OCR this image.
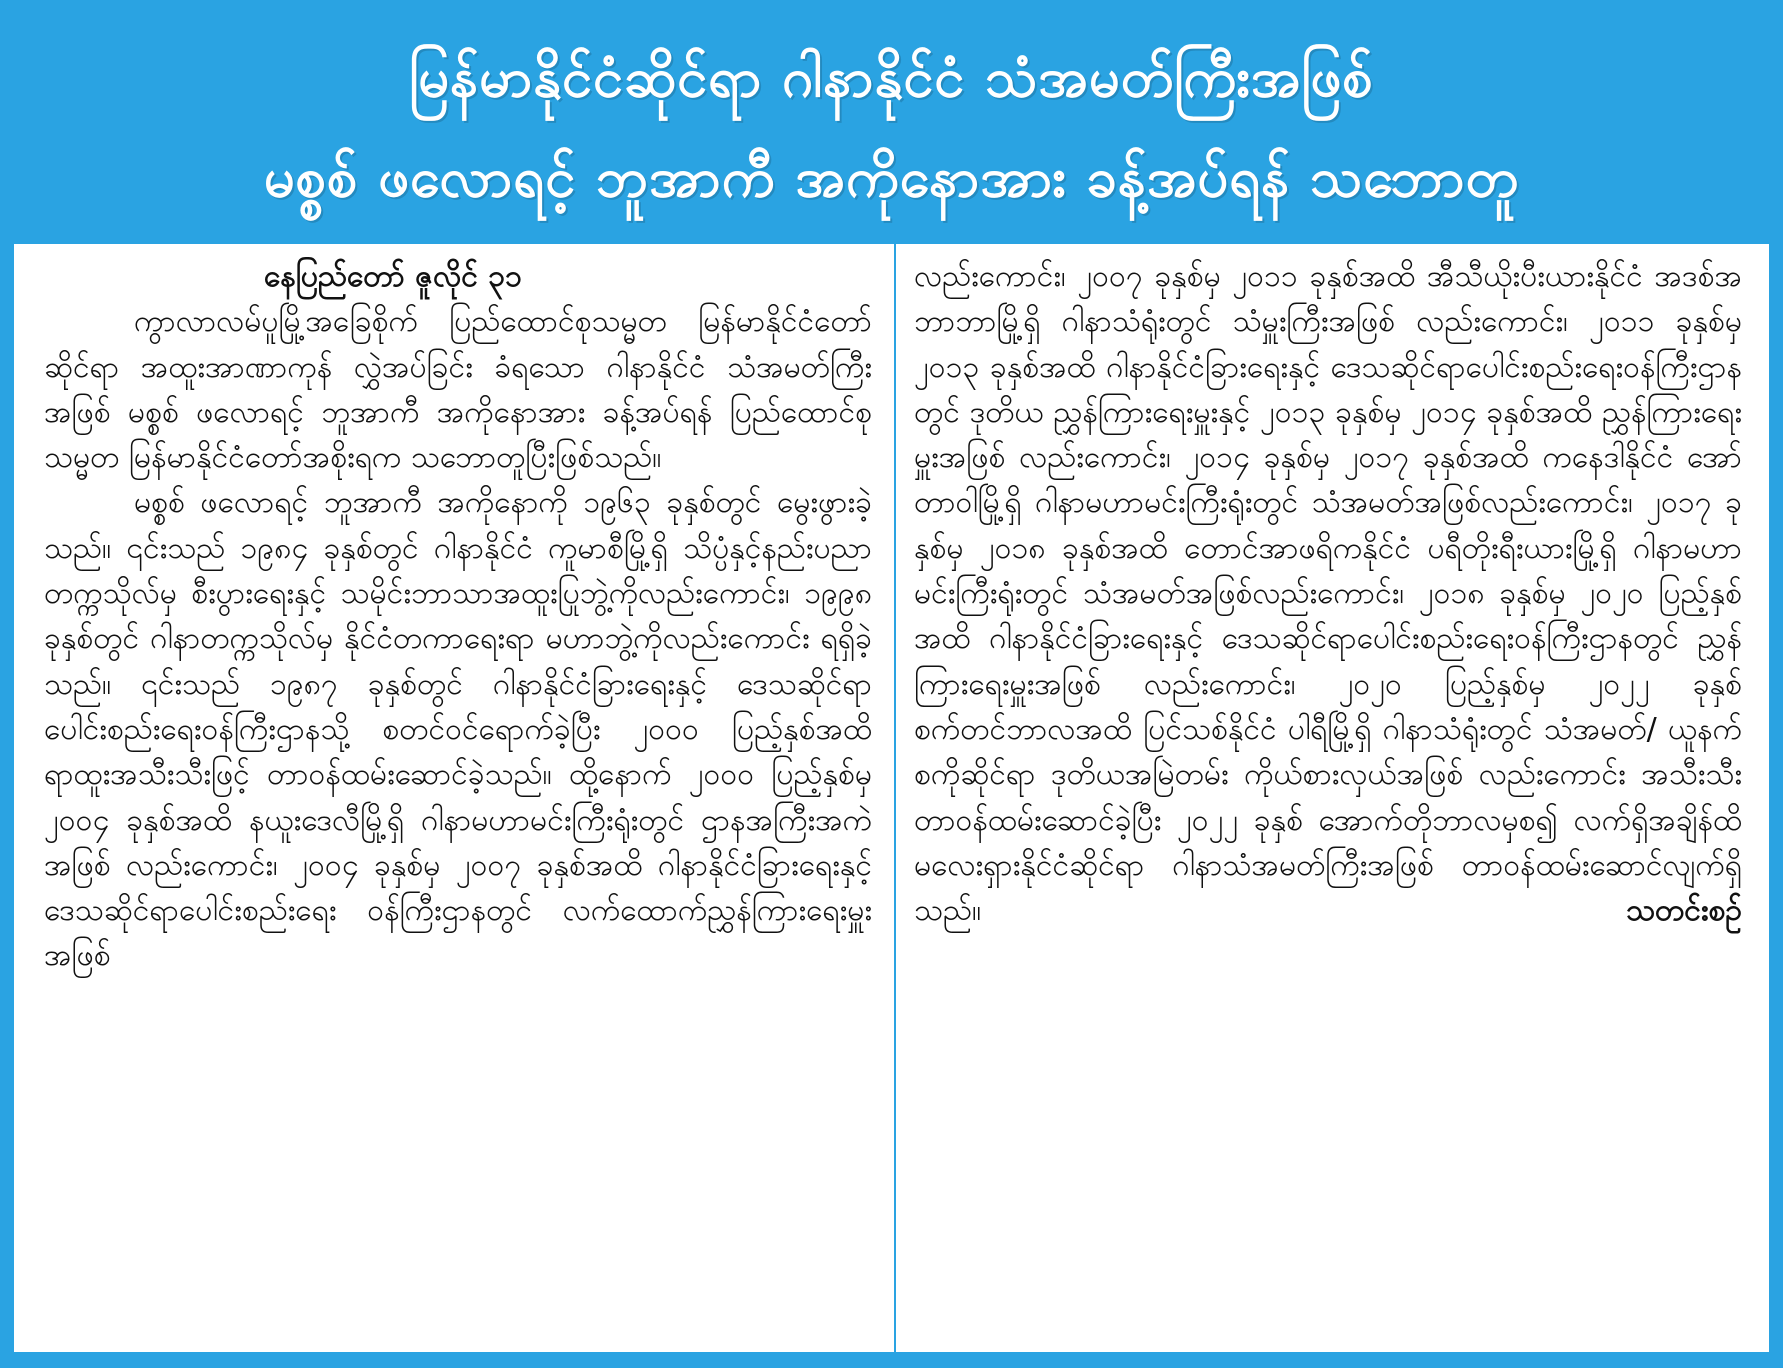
မြန်မာနိုင်ငံဆိုင်ရာ ဂါနာနိုင်ငံ သံအမတ်ကြီးအဖြစ်
မစ္စစ် ဖလောရင့် ဘူအာကီ အကိုနောအား ခန့်အပ်ရန် သဘောတူ
နေပြည်တော် ဇူလိုင် ၃၁

ကွာလာလမ်ပူမြို့အခြေစိုက် ပြည်ထောင်စုသမ္မတ မြန်မာနိုင်ငံတော်ဆိုင်ရာ အထူးအာဏာကုန် လွှဲအပ်ခြင်း ခံရသော ဂါနာနိုင်ငံ သံအမတ်ကြီးအဖြစ် မစ္စစ် ဖလောရင့် ဘူအာကီ အကိုနောအား ခန့်အပ်ရန် ပြည်ထောင်စုသမ္မတ မြန်မာနိုင်ငံတော်အစိုးရက သဘောတူပြီးဖြစ်သည်။

မစ္စစ် ဖလောရင့် ဘူအာကီ အကိုနောကို ၁၉၆၃ ခုနှစ်တွင် မွေးဖွားခဲ့သည်။ ၎င်းသည် ၁၉၈၄ ခုနှစ်တွင် ဂါနာနိုင်ငံ ကူမာစီမြို့ရှိ သိပ္ပံနှင့်နည်းပညာတက္ကသိုလ်မှ စီးပွားရေးနှင့် သမိုင်းဘာသာအထူးပြုဘွဲ့ကိုလည်းကောင်း၊ ၁၉၉၈ ခုနှစ်တွင် ဂါနာတက္ကသိုလ်မှ နိုင်ငံတကာရေးရာ မဟာဘွဲ့ကိုလည်းကောင်း ရရှိခဲ့သည်။ ၎င်းသည် ၁၉၈၇ ခုနှစ်တွင် ဂါနာနိုင်ငံခြားရေးနှင့် ဒေသဆိုင်ရာပေါင်းစည်းရေးဝန်ကြီးဌာနသို့ စတင်ဝင်ရောက်ခဲ့ပြီး ၂၀၀၀ ပြည့်နှစ်အထိ ရာထူးအသီးသီးဖြင့် တာဝန်ထမ်းဆောင်ခဲ့သည်။ ထို့နောက် ၂၀၀၀ ပြည့်နှစ်မှ ၂၀၀၄ ခုနှစ်အထိ နယူးဒေလီမြို့ရှိ ဂါနာမဟာမင်းကြီးရုံးတွင် ဌာနအကြီးအကဲအဖြစ် လည်းကောင်း၊ ၂၀၀၄ ခုနှစ်မှ ၂၀၀၇ ခုနှစ်အထိ ဂါနာနိုင်ငံခြားရေးနှင့် ဒေသဆိုင်ရာပေါင်းစည်းရေး ဝန်ကြီးဌာနတွင် လက်ထောက်ညွှန်ကြားရေးမှူးအဖြစ်

လည်းကောင်း၊ ၂၀၀၇ ခုနှစ်မှ ၂၀၁၁ ခုနှစ်အထိ အီသီယိုးပီးယားနိုင်ငံ အဒစ်အဘာဘာမြို့ရှိ ဂါနာသံရုံးတွင် သံမှူးကြီးအဖြစ် လည်းကောင်း၊ ၂၀၁၁ ခုနှစ်မှ ၂၀၁၃ ခုနှစ်အထိ ဂါနာနိုင်ငံခြားရေးနှင့် ဒေသဆိုင်ရာပေါင်းစည်းရေးဝန်ကြီးဌာနတွင် ဒုတိယ ညွှန်ကြားရေးမှူးနှင့် ၂၀၁၃ ခုနှစ်မှ ၂၀၁၄ ခုနှစ်အထိ ညွှန်ကြားရေးမှူးအဖြစ် လည်းကောင်း၊ ၂၀၁၄ ခုနှစ်မှ ၂၀၁၇ ခုနှစ်အထိ ကနေဒါနိုင်ငံ အော်တာဝါမြို့ရှိ ဂါနာမဟာမင်းကြီးရုံးတွင် သံအမတ်အဖြစ်လည်းကောင်း၊ ၂၀၁၇ ခုနှစ်မှ ၂၀၁၈ ခုနှစ်အထိ တောင်အာဖရိကနိုင်ငံ ပရီတိုးရီးယားမြို့ရှိ ဂါနာမဟာမင်းကြီးရုံးတွင် သံအမတ်အဖြစ်လည်းကောင်း၊ ၂၀၁၈ ခုနှစ်မှ ၂၀၂၀ ပြည့်နှစ်အထိ ဂါနာနိုင်ငံခြားရေးနှင့် ဒေသဆိုင်ရာပေါင်းစည်းရေးဝန်ကြီးဌာနတွင် ညွှန်ကြားရေးမှူးအဖြစ် လည်းကောင်း၊ ၂၀၂၀ ပြည့်နှစ်မှ ၂၀၂၂ ခုနှစ် စက်တင်ဘာလအထိ ပြင်သစ်နိုင်ငံ ပါရီမြို့ရှိ ဂါနာသံရုံးတွင် သံအမတ်/ ယူနက်စကိုဆိုင်ရာ ဒုတိယအမြဲတမ်း ကိုယ်စားလှယ်အဖြစ် လည်းကောင်း အသီးသီးတာဝန်ထမ်းဆောင်ခဲ့ပြီး ၂၀၂၂ ခုနှစ် အောက်တိုဘာလမှစ၍ လက်ရှိအချိန်ထိ မလေးရှားနိုင်ငံဆိုင်ရာ ဂါနာသံအမတ်ကြီးအဖြစ် တာဝန်ထမ်းဆောင်လျက်ရှိသည်။	သတင်းစဉ်
